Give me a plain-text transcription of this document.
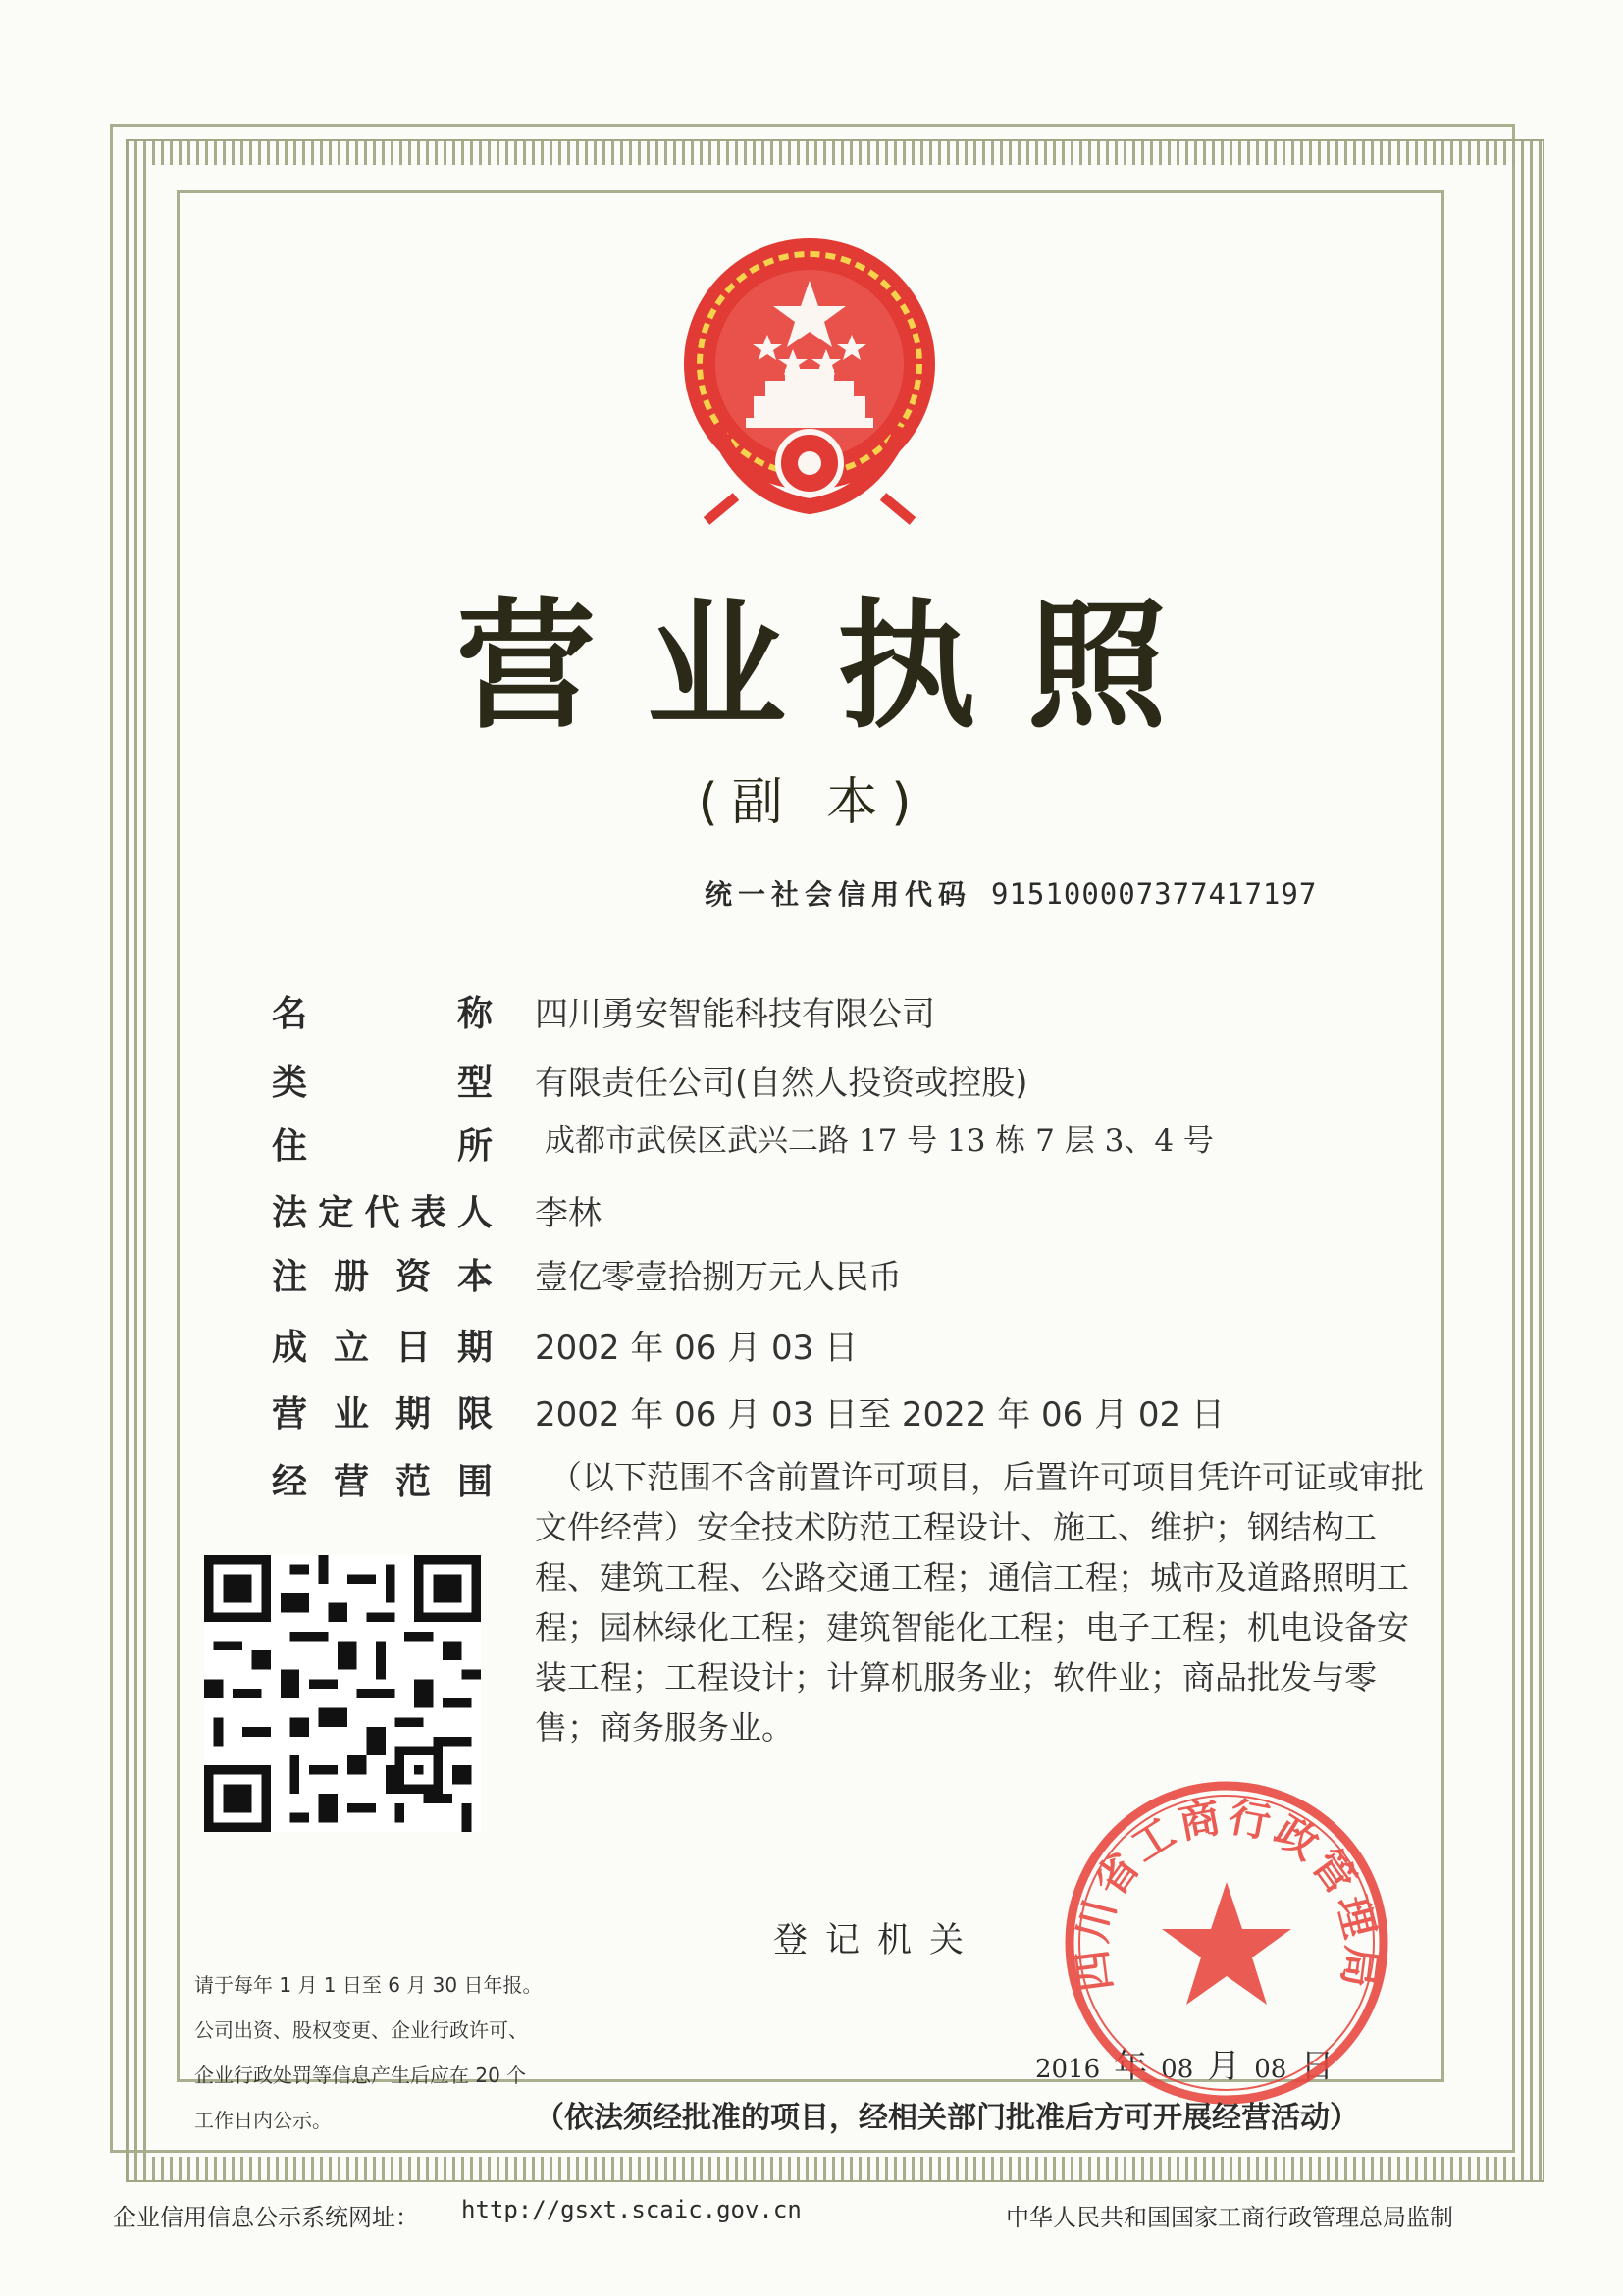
营业执照
(副 本)
统一社会信用代码 915100007377417197
名称 四川勇安智能科技有限公司
类型 有限责任公司(自然人投资或控股)
住所 成都市武侯区武兴二路 17 号 13 栋 7 层 3、4 号
法定代表人 李林
注册资本 壹亿零壹拾捌万元人民币
成立日期 2002 年 06 月 03 日
营业期限 2002 年 06 月 03 日至 2022 年 06 月 02 日
经营范围	（以下范围不含前置许可项目，后置许可项目凭许可证或审批文件经营）安全技术防范工程设计、施工、维护；钢结构工程、建筑工程、公路交通工程；通信工程；城市及道路照明工程；园林绿化工程；建筑智能化工程；电子工程；机电设备安装工程；工程设计；计算机服务业；软件业；商品批发与零售；商务服务业。
登记机关
请于每年 1 月 1 日至 6 月 30 日年报。
公司出资、股权变更、企业行政许可、
企业行政处罚等信息产生后应在 20 个
工作日内公示。
2016 年 08 月 08 日
四川省工商行政管理局
（依法须经批准的项目，经相关部门批准后方可开展经营活动）
企业信用信息公示系统网址： http://gsxt.scaic.gov.cn	中华人民共和国国家工商行政管理总局监制
